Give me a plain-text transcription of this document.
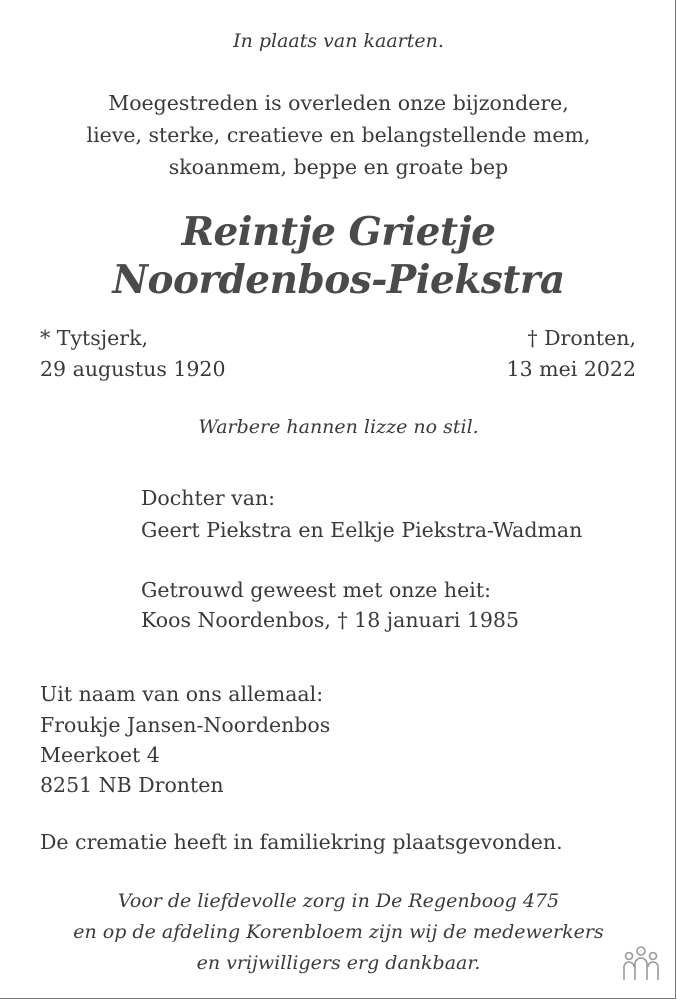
In plaats van kaarten.
Moegestreden is overleden onze bijzondere,
lieve, sterke, creatieve en belangstellende mem,
skoanmem, beppe en groate bep
Reintje Grietje
Noordenbos-Piekstra
* Tytsjerk,
29 augustus 1920
† Dronten,
13 mei 2022
Warbere hannen lizze no stil.
Dochter van:
Geert Piekstra en Eelkje Piekstra-Wadman
Getrouwd geweest met onze heit:
Koos Noordenbos, † 18 januari 1985
Uit naam van ons allemaal:
Froukje Jansen-Noordenbos
Meerkoet 4
8251 NB Dronten
De crematie heeft in familiekring plaatsgevonden.
Voor de liefdevolle zorg in De Regenboog 475
en op de afdeling Korenbloem zijn wij de medewerkers
en vrijwilligers erg dankbaar.
